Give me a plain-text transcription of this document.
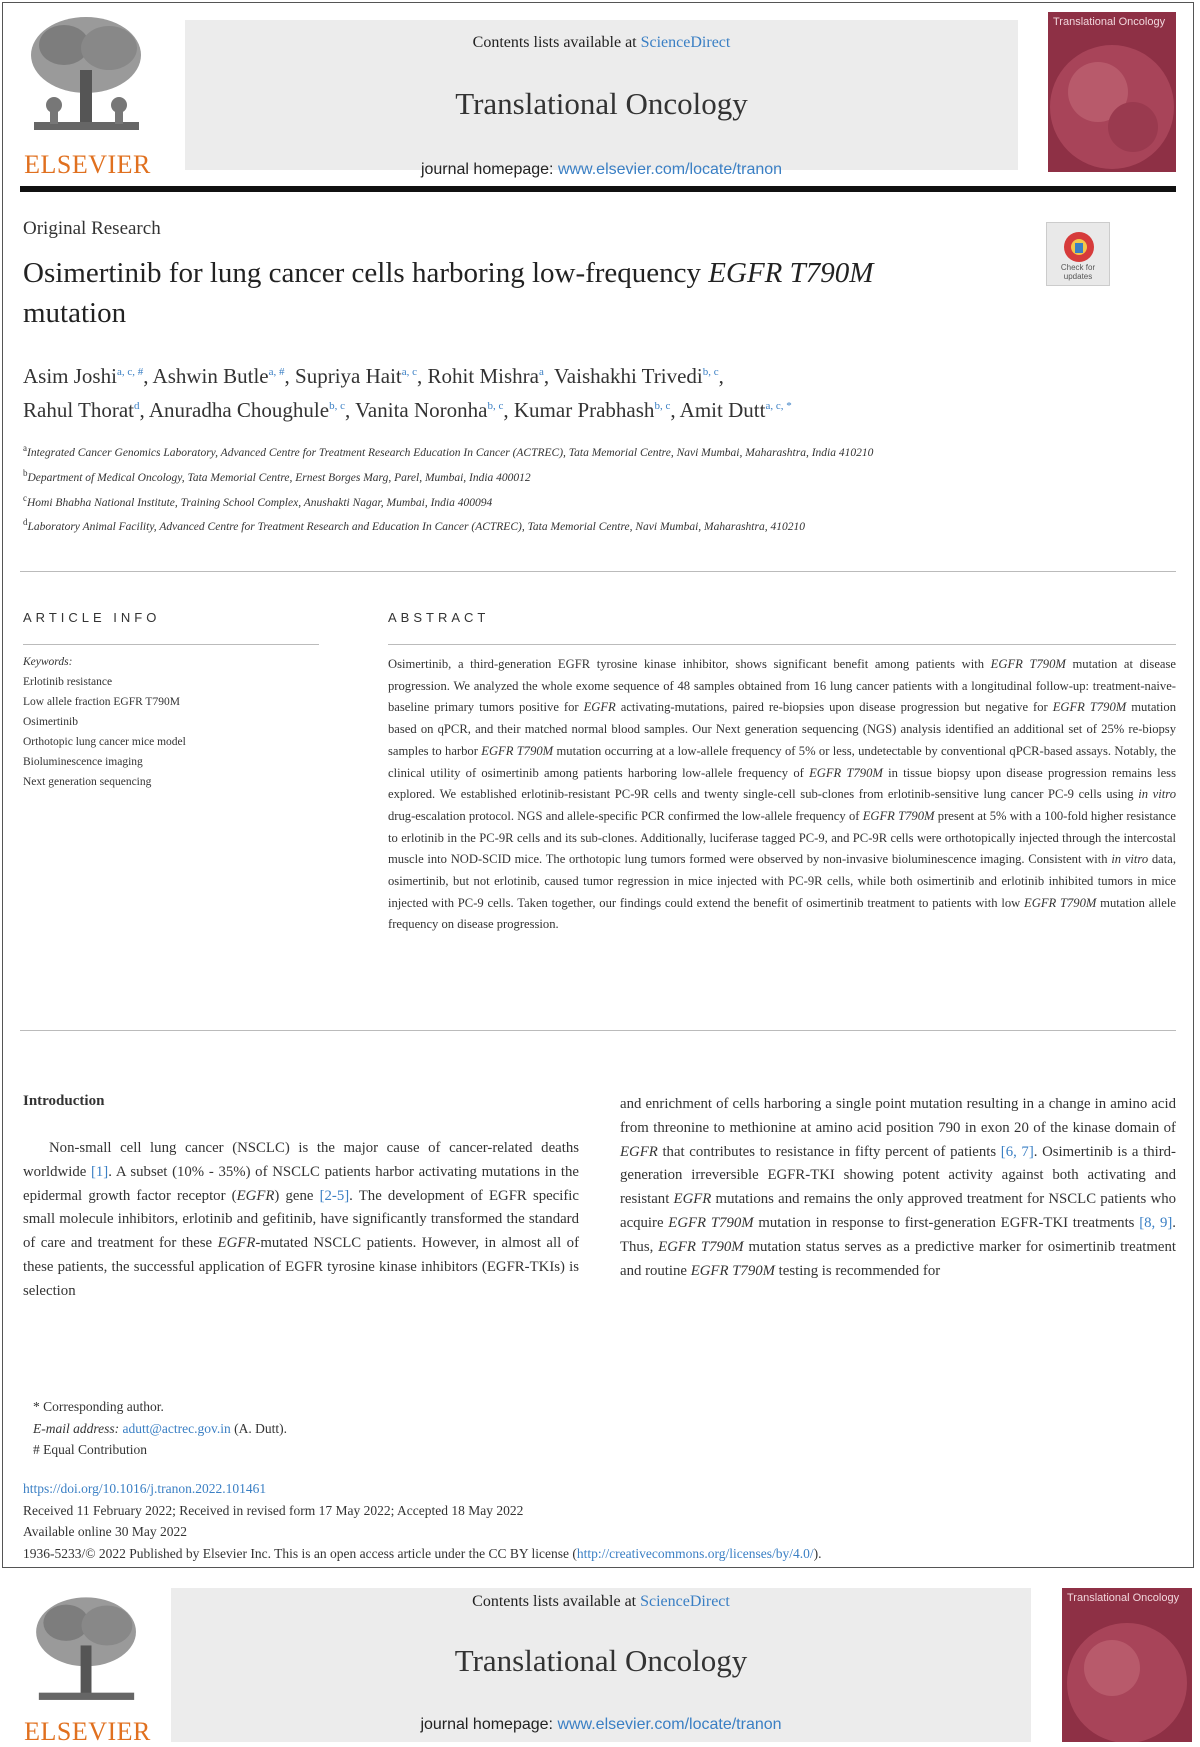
ELSEVIER
Contents lists available at ScienceDirect
Translational Oncology
journal homepage: www.elsevier.com/locate/tranon
Translational Oncology
Original Research
Check for updates
Osimertinib for lung cancer cells harboring low-frequency EGFR T790M mutation
Asim Joshi$^{a, c, \#}$, Ashwin Butle$^{a, \#}$, Supriya Hait$^{a, c}$, Rohit Mishra$^a$, Vaishakhi Trivedi$^{b, c}$,
Rahul Thorat$^d$, Anuradha Choughule$^{b, c}$, Vanita Noronha$^{b, c}$, Kumar Prabhash$^{b, c}$, Amit Dutt$^{a, c, *}$
$^a$Integrated Cancer Genomics Laboratory, Advanced Centre for Treatment Research Education In Cancer (ACTREC), Tata Memorial Centre, Navi Mumbai, Maharashtra, India 410210
$^b$Department of Medical Oncology, Tata Memorial Centre, Ernest Borges Marg, Parel, Mumbai, India 400012
$^c$Homi Bhabha National Institute, Training School Complex, Anushakti Nagar, Mumbai, India 400094
$^d$Laboratory Animal Facility, Advanced Centre for Treatment Research and Education In Cancer (ACTREC), Tata Memorial Centre, Navi Mumbai, Maharashtra, 410210
ARTICLE INFO
Keywords:
Erlotinib resistance
Low allele fraction EGFR T790M
Osimertinib
Orthotopic lung cancer mice model
Bioluminescence imaging
Next generation sequencing
ABSTRACT
Osimertinib, a third-generation EGFR tyrosine kinase inhibitor, shows significant benefit among patients with EGFR T790M mutation at disease progression. We analyzed the whole exome sequence of 48 samples obtained from 16 lung cancer patients with a longitudinal follow-up: treatment-naive-baseline primary tumors positive for EGFR activating-mutations, paired re-biopsies upon disease progression but negative for EGFR T790M mutation based on qPCR, and their matched normal blood samples. Our Next generation sequencing (NGS) analysis identified an additional set of 25% re-biopsy samples to harbor EGFR T790M mutation occurring at a low-allele frequency of 5% or less, undetectable by conventional qPCR-based assays. Notably, the clinical utility of osimertinib among patients harboring low-allele frequency of EGFR T790M in tissue biopsy upon disease progression remains less explored. We established erlotinib-resistant PC-9R cells and twenty single-cell sub-clones from erlotinib-sensitive lung cancer PC-9 cells using in vitro drug-escalation protocol. NGS and allele-specific PCR confirmed the low-allele frequency of EGFR T790M present at 5% with a 100-fold higher resistance to erlotinib in the PC-9R cells and its sub-clones. Additionally, luciferase tagged PC-9, and PC-9R cells were orthotopically injected through the intercostal muscle into NOD-SCID mice. The orthotopic lung tumors formed were observed by non-invasive bioluminescence imaging. Consistent with in vitro data, osimertinib, but not erlotinib, caused tumor regression in mice injected with PC-9R cells, while both osimertinib and erlotinib inhibited tumors in mice injected with PC-9 cells. Taken together, our findings could extend the benefit of osimertinib treatment to patients with low EGFR T790M mutation allele frequency on disease progression.
Introduction
Non-small cell lung cancer (NSCLC) is the major cause of cancer-related deaths worldwide [1]. A subset (10% - 35%) of NSCLC patients harbor activating mutations in the epidermal growth factor receptor (EGFR) gene [2-5]. The development of EGFR specific small molecule inhibitors, erlotinib and gefitinib, have significantly transformed the standard of care and treatment for these EGFR-mutated NSCLC patients. However, in almost all of these patients, the successful application of EGFR tyrosine kinase inhibitors (EGFR-TKIs) is selection
and enrichment of cells harboring a single point mutation resulting in a change in amino acid from threonine to methionine at amino acid position 790 in exon 20 of the kinase domain of EGFR that contributes to resistance in fifty percent of patients [6, 7]. Osimertinib is a third-generation irreversible EGFR-TKI showing potent activity against both activating and resistant EGFR mutations and remains the only approved treatment for NSCLC patients who acquire EGFR T790M mutation in response to first-generation EGFR-TKI treatments [8, 9]. Thus, EGFR T790M mutation status serves as a predictive marker for osimertinib treatment and routine EGFR T790M testing is recommended for
* Corresponding author.
E-mail address: adutt@actrec.gov.in (A. Dutt).
# Equal Contribution
https://doi.org/10.1016/j.tranon.2022.101461
Received 11 February 2022; Received in revised form 17 May 2022; Accepted 18 May 2022
Available online 30 May 2022
1936-5233/© 2022 Published by Elsevier Inc. This is an open access article under the CC BY license (http://creativecommons.org/licenses/by/4.0/).
ELSEVIER
Contents lists available at ScienceDirect
Translational Oncology
journal homepage: www.elsevier.com/locate/tranon
Translational Oncology
